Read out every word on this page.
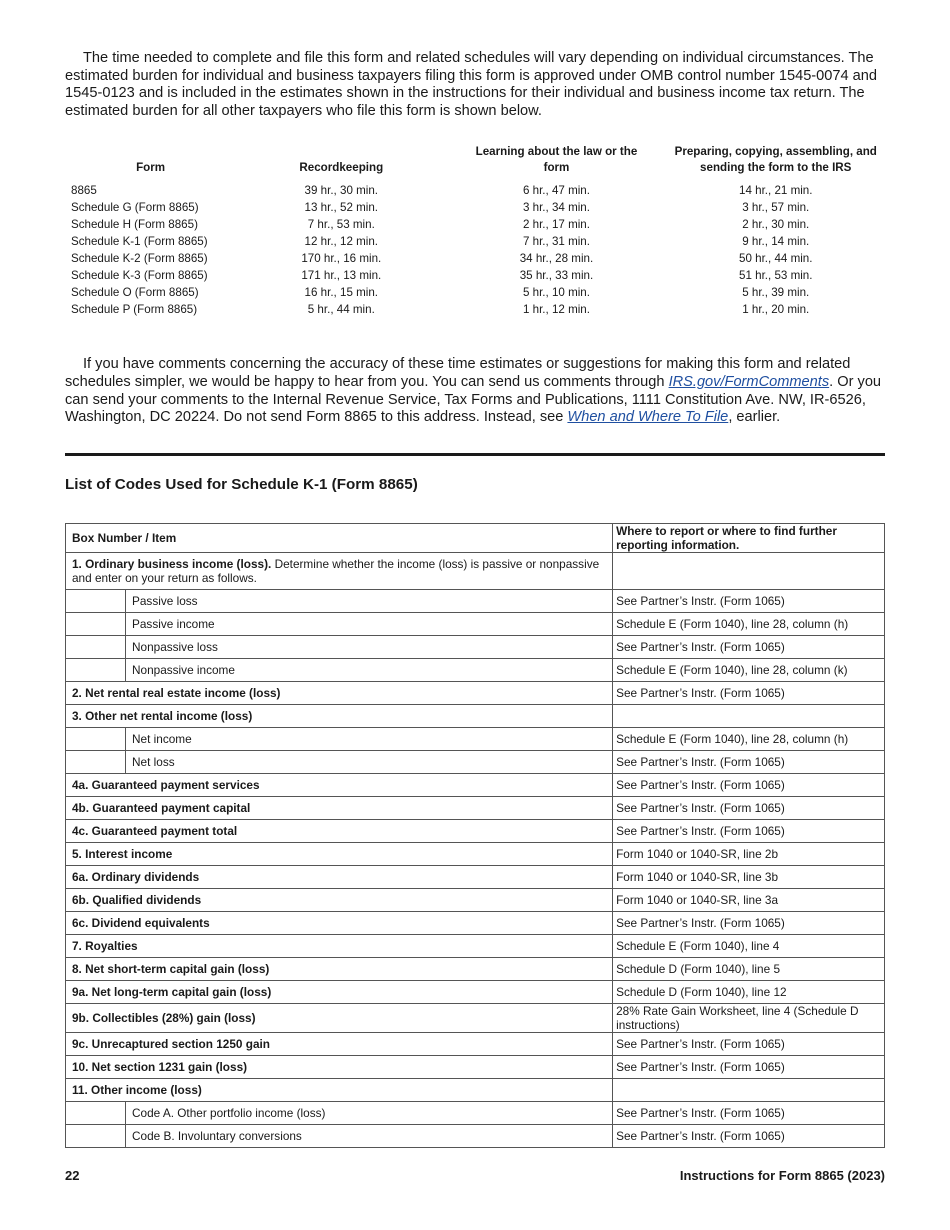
The time needed to complete and file this form and related schedules will vary depending on individual circumstances. The estimated burden for individual and business taxpayers filing this form is approved under OMB control number 1545-0074 and 1545-0123 and is included in the estimates shown in the instructions for their individual and business income tax return. The estimated burden for all other taxpayers who file this form is shown below.

Form	Recordkeeping	Learning about the law or the form	Preparing, copying, assembling, and sending the form to the IRS
8865	39 hr., 30 min.	6 hr., 47 min.	14 hr., 21 min.
Schedule G (Form 8865)	13 hr., 52 min.	3 hr., 34 min.	3 hr., 57 min.
Schedule H (Form 8865)	7 hr., 53 min.	2 hr., 17 min.	2 hr., 30 min.
Schedule K-1 (Form 8865)	12 hr., 12 min.	7 hr., 31 min.	9 hr., 14 min.
Schedule K-2 (Form 8865)	170 hr., 16 min.	34 hr., 28 min.	50 hr., 44 min.
Schedule K-3 (Form 8865)	171 hr., 13 min.	35 hr., 33 min.	51 hr., 53 min.
Schedule O (Form 8865)	16 hr., 15 min.	5 hr., 10 min.	5 hr., 39 min.
Schedule P (Form 8865)	5 hr., 44 min.	1 hr., 12 min.	1 hr., 20 min.

If you have comments concerning the accuracy of these time estimates or suggestions for making this form and related schedules simpler, we would be happy to hear from you. You can send us comments through IRS.gov/FormComments. Or you can send your comments to the Internal Revenue Service, Tax Forms and Publications, 1111 Constitution Ave. NW, IR-6526, Washington, DC 20224. Do not send Form 8865 to this address. Instead, see When and Where To File, earlier.

List of Codes Used for Schedule K-1 (Form 8865)
Box Number / Item		Where to report or where to find further reporting information.
1. Ordinary business income (loss). Determine whether the income (loss) is passive or nonpassive and enter on your return as follows.		
	Passive loss	See Partner’s Instr. (Form 1065)
	Passive income	Schedule E (Form 1040), line 28, column (h)
	Nonpassive loss	See Partner’s Instr. (Form 1065)
	Nonpassive income	Schedule E (Form 1040), line 28, column (k)
2. Net rental real estate income (loss)		See Partner’s Instr. (Form 1065)
3. Other net rental income (loss)		
	Net income	Schedule E (Form 1040), line 28, column (h)
	Net loss	See Partner’s Instr. (Form 1065)
4a. Guaranteed payment services		See Partner’s Instr. (Form 1065)
4b. Guaranteed payment capital		See Partner’s Instr. (Form 1065)
4c. Guaranteed payment total		See Partner’s Instr. (Form 1065)
5. Interest income		Form 1040 or 1040-SR, line 2b
6a. Ordinary dividends		Form 1040 or 1040-SR, line 3b
6b. Qualified dividends		Form 1040 or 1040-SR, line 3a
6c. Dividend equivalents		See Partner’s Instr. (Form 1065)
7. Royalties		Schedule E (Form 1040), line 4
8. Net short-term capital gain (loss)		Schedule D (Form 1040), line 5
9a. Net long-term capital gain (loss)		Schedule D (Form 1040), line 12
9b. Collectibles (28%) gain (loss)		28% Rate Gain Worksheet, line 4 (Schedule D instructions)
9c. Unrecaptured section 1250 gain		See Partner’s Instr. (Form 1065)
10. Net section 1231 gain (loss)		See Partner’s Instr. (Form 1065)
11. Other income (loss)		
	Code A. Other portfolio income (loss)	See Partner’s Instr. (Form 1065)
	Code B. Involuntary conversions	See Partner’s Instr. (Form 1065)
22	Instructions for Form 8865 (2023)
